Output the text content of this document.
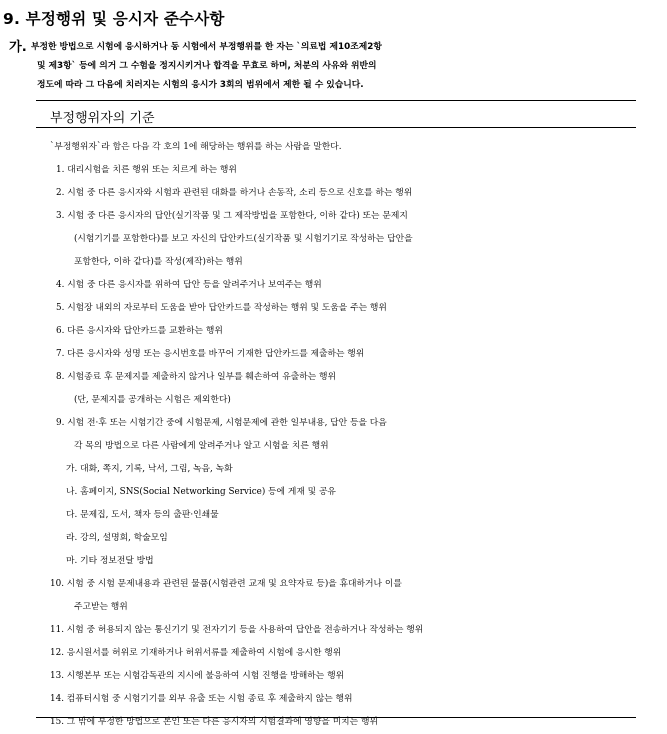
9. 부정행위 및 응시자 준수사항
가. 부정한 방법으로 시험에 응시하거나 동 시험에서 부정행위를 한 자는 `의료법 제10조제2항
및 제3항` 등에 의거 그 수험을 정지시키거나 합격을 무효로 하며, 처분의 사유와 위반의
정도에 따라 그 다음에 치러지는 시험의 응시가 3회의 범위에서 제한 될 수 있습니다.
부정행위자의 기준
`부정행위자`라 함은 다음 각 호의 1에 해당하는 행위를 하는 사람을 말한다.
1. 대리시험을 치른 행위 또는 치르게 하는 행위
2. 시험 중 다른 응시자와 시험과 관련된 대화를 하거나 손동작, 소리 등으로 신호를 하는 행위
3. 시험 중 다른 응시자의 답안(실기작품 및 그 제작방법을 포함한다, 이하 같다) 또는 문제지
(시험기기를 포함한다)를 보고 자신의 답안카드(실기작품 및 시험기기로 작성하는 답안을
포함한다, 이하 같다)를 작성(제작)하는 행위
4. 시험 중 다른 응시자를 위하여 답안 등을 알려주거나 보여주는 행위
5. 시험장 내외의 자로부터 도움을 받아 답안카드를 작성하는 행위 및 도움을 주는 행위
6. 다른 응시자와 답안카드를 교환하는 행위
7. 다른 응시자와 성명 또는 응시번호를 바꾸어 기재한 답안카드를 제출하는 행위
8. 시험종료 후 문제지를 제출하지 않거나 일부를 훼손하여 유출하는 행위
(단, 문제지를 공개하는 시험은 제외한다)
9. 시험 전·후 또는 시험기간 중에 시험문제, 시험문제에 관한 일부내용, 답안 등을 다음
각 목의 방법으로 다른 사람에게 알려주거나 알고 시험을 치른 행위
가. 대화, 쪽지, 기록, 낙서, 그림, 녹음, 녹화
나. 홈페이지, SNS(Social Networking Service) 등에 게재 및 공유
다. 문제집, 도서, 책자 등의 출판·인쇄물
라. 강의, 설명회, 학술모임
마. 기타 정보전달 방법
10. 시험 중 시험 문제내용과 관련된 물품(시험관련 교재 및 요약자료 등)을 휴대하거나 이를
주고받는 행위
11. 시험 중 허용되지 않는 통신기기 및 전자기기 등을 사용하여 답안을 전송하거나 작성하는 행위
12. 응시원서를 허위로 기재하거나 허위서류를 제출하여 시험에 응시한 행위
13. 시행본부 또는 시험감독관의 지시에 불응하여 시험 진행을 방해하는 행위
14. 컴퓨터시험 중 시험기기를 외부 유출 또는 시험 종료 후 제출하지 않는 행위
15. 그 밖에 부정한 방법으로 본인 또는 다른 응시자의 시험결과에 영향을 미치는 행위
